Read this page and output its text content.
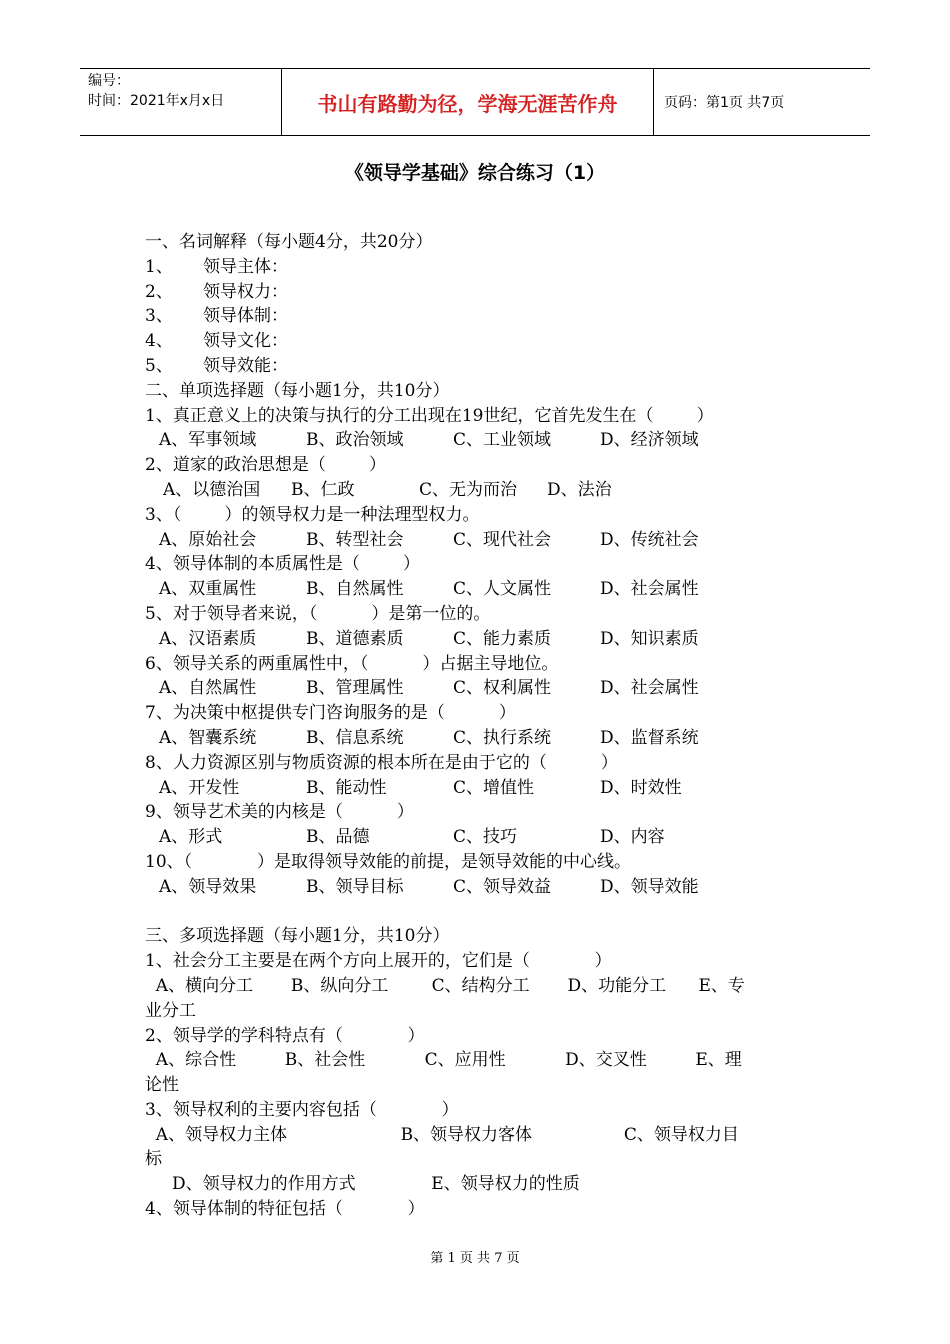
编号：
时间：2021年x月x日	书山有路勤为径，学海无涯苦作舟	页码：第1页 共7页
《领导学基础》综合练习（1）
一、名词解释（每小题4分，共20分）
1、 领导主体：
2、 领导权力：
3、 领导体制：
4、 领导文化：
5、 领导效能：
二、单项选择题（每小题1分，共10分）
1、真正意义上的决策与执行的分工出现在19世纪，它首先发生在（        ）
A、军事领域	B、政治领域	C、工业领域	D、经济领域
2、道家的政治思想是（        ）
A、以德治国 B、仁政	C、无为而治 D、法治
3、（        ）的领导权力是一种法理型权力。
A、原始社会	B、转型社会	C、现代社会	D、传统社会
4、领导体制的本质属性是（        ）
A、双重属性	B、自然属性	C、人文属性	D、社会属性
5、对于领导者来说，（          ）是第一位的。
A、汉语素质	B、道德素质	C、能力素质	D、知识素质
6、领导关系的两重属性中，（          ）占据主导地位。
A、自然属性	B、管理属性	C、权利属性	D、社会属性
7、为决策中枢提供专门咨询服务的是（          ）
A、智囊系统	B、信息系统	C、执行系统	D、监督系统
8、人力资源区别与物质资源的根本所在是由于它的（          ）
A、开发性	B、能动性	C、增值性	D、时效性
9、领导艺术美的内核是（          ）
A、形式	B、品德	C、技巧	D、内容
10、（            ）是取得领导效能的前提，是领导效能的中心线。
A、领导效果	B、领导目标	C、领导效益	D、领导效能
三、多项选择题（每小题1分，共10分）
1、社会分工主要是在两个方向上展开的，它们是（            ）
A、横向分工       B、纵向分工        C、结构分工       D、功能分工      E、专
业分工
2、领导学的学科特点有（            ）
A、综合性         B、社会性           C、应用性           D、交叉性         E、理
论性
3、领导权利的主要内容包括（            ）
A、领导权力主体                     B、领导权力客体                 C、领导权力目
标
D、领导权力的作用方式              E、领导权力的性质
4、领导体制的特征包括（            ）
第 1 页 共 7 页
